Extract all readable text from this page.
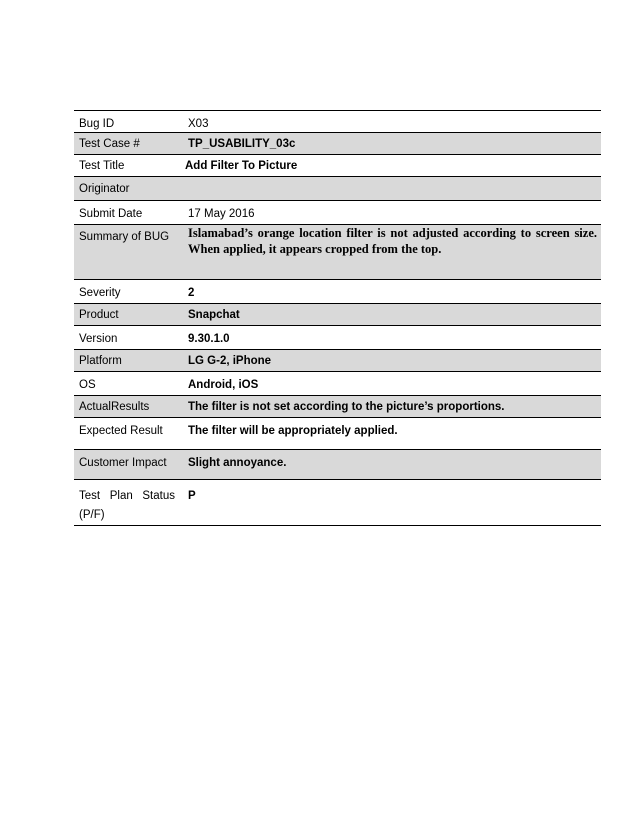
Bug ID	X03
Test Case #	TP_USABILITY_03c
Test Title	Add Filter To Picture
Originator	
Submit Date	17 May 2016
Summary of BUG	Islamabad’s orange location filter is not adjusted according to screen size. When applied, it appears cropped from the top.
Severity	2
Product	Snapchat
Version	9.30.1.0
Platform	LG G-2, iPhone
OS	Android, iOS
ActualResults	The filter is not set according to the picture’s proportions.
Expected Result	The filter will be appropriately applied.
Customer Impact	Slight annoyance.

Test Plan Status
(P/F)	P
